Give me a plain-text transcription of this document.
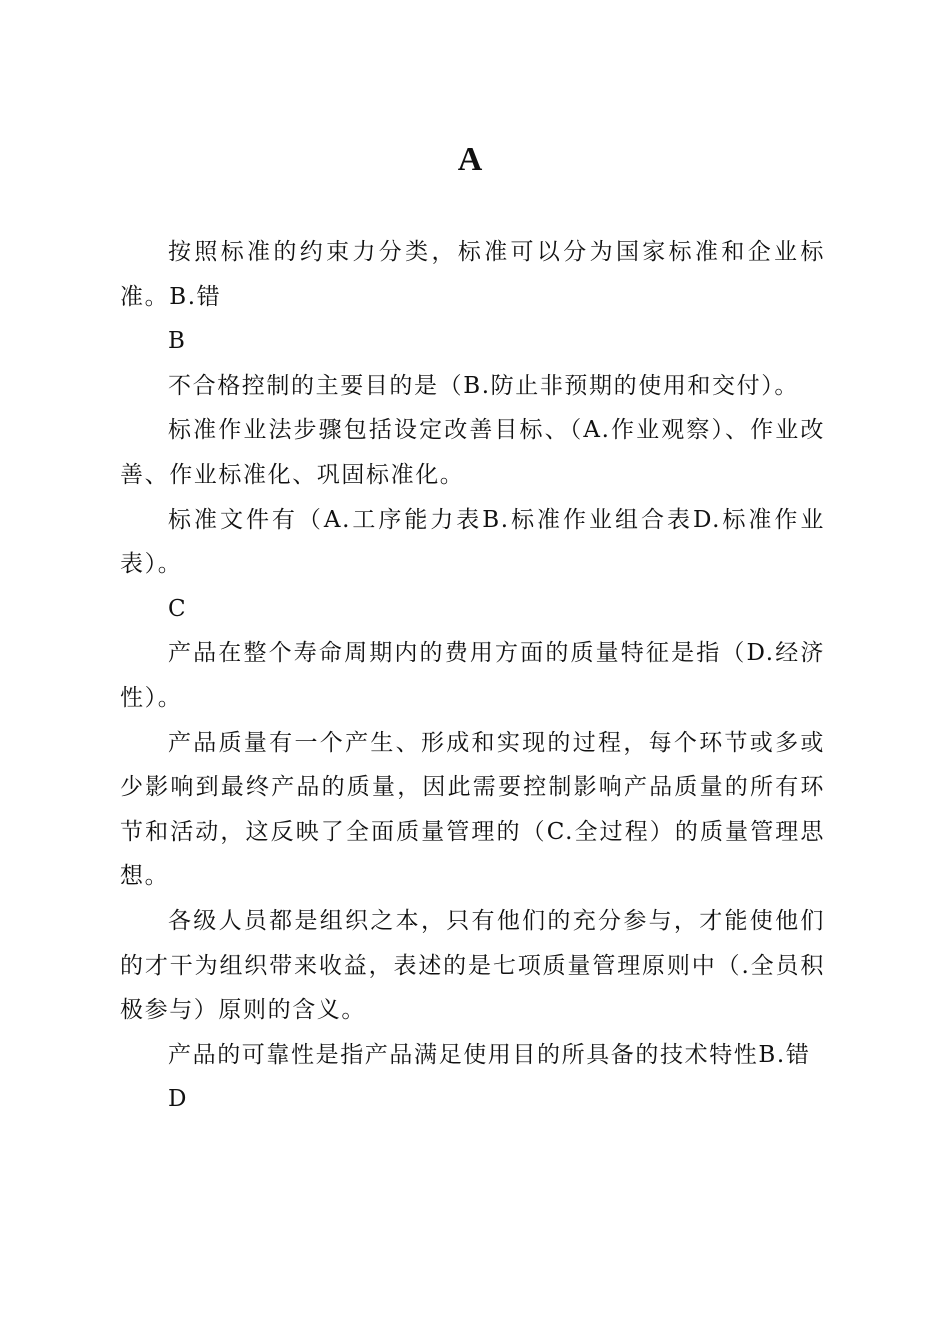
A

按照标准的约束力分类，标准可以分为国家标准和企业标准。B.错

B

不合格控制的主要目的是（B.防止非预期的使用和交付）。

标准作业法步骤包括设定改善目标、（A.作业观察）、作业改善、作业标准化、巩固标准化。

标准文件有（A.工序能力表B.标准作业组合表D.标准作业表）。

C

产品在整个寿命周期内的费用方面的质量特征是指（D.经济性）。

产品质量有一个产生、形成和实现的过程，每个环节或多或少影响到最终产品的质量，因此需要控制影响产品质量的所有环节和活动，这反映了全面质量管理的（C.全过程）的质量管理思想。

各级人员都是组织之本，只有他们的充分参与，才能使他们的才干为组织带来收益，表述的是七项质量管理原则中（.全员积极参与）原则的含义。

产品的可靠性是指产品满足使用目的所具备的技术特性B.错

D
